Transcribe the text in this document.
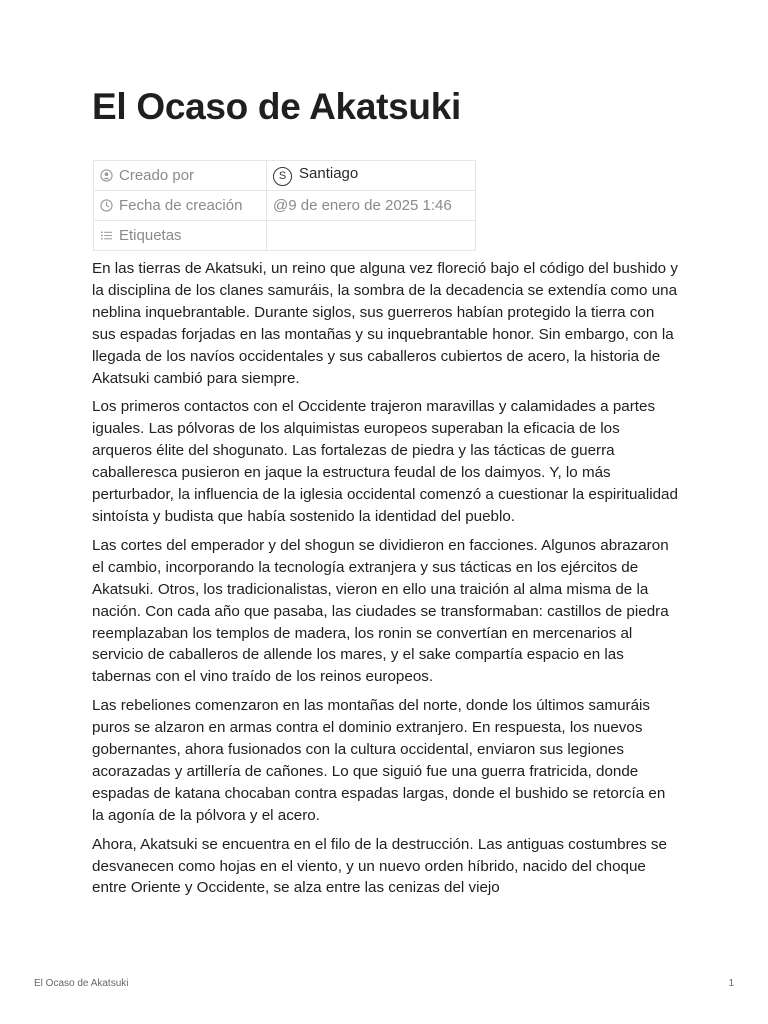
El Ocaso de Akatsuki
Creado por	S Santiago
Fecha de creación	@9 de enero de 2025 1:46
Etiquetas	

En las tierras de Akatsuki, un reino que alguna vez floreció bajo el código del bushido y la disciplina de los clanes samuráis, la sombra de la decadencia se extendía como una neblina inquebrantable. Durante siglos, sus guerreros habían protegido la tierra con sus espadas forjadas en las montañas y su inquebrantable honor. Sin embargo, con la llegada de los navíos occidentales y sus caballeros cubiertos de acero, la historia de Akatsuki cambió para siempre.

Los primeros contactos con el Occidente trajeron maravillas y calamidades a partes iguales. Las pólvoras de los alquimistas europeos superaban la eficacia de los arqueros élite del shogunato. Las fortalezas de piedra y las tácticas de guerra caballeresca pusieron en jaque la estructura feudal de los daimyos. Y, lo más perturbador, la influencia de la iglesia occidental comenzó a cuestionar la espiritualidad sintoísta y budista que había sostenido la identidad del pueblo.

Las cortes del emperador y del shogun se dividieron en facciones. Algunos abrazaron el cambio, incorporando la tecnología extranjera y sus tácticas en los ejércitos de Akatsuki. Otros, los tradicionalistas, vieron en ello una traición al alma misma de la nación. Con cada año que pasaba, las ciudades se transformaban: castillos de piedra reemplazaban los templos de madera, los ronin se convertían en mercenarios al servicio de caballeros de allende los mares, y el sake compartía espacio en las tabernas con el vino traído de los reinos europeos.

Las rebeliones comenzaron en las montañas del norte, donde los últimos samuráis puros se alzaron en armas contra el dominio extranjero. En respuesta, los nuevos gobernantes, ahora fusionados con la cultura occidental, enviaron sus legiones acorazadas y artillería de cañones. Lo que siguió fue una guerra fratricida, donde espadas de katana chocaban contra espadas largas, donde el bushido se retorcía en la agonía de la pólvora y el acero.

Ahora, Akatsuki se encuentra en el filo de la destrucción. Las antiguas costumbres se desvanecen como hojas en el viento, y un nuevo orden híbrido, nacido del choque entre Oriente y Occidente, se alza entre las cenizas del viejo

El Ocaso de Akatsuki	1
